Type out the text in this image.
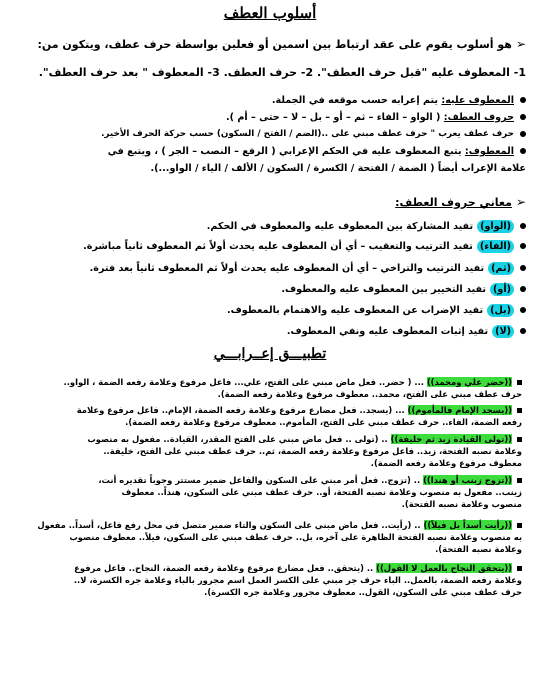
أسلوب العطف
➢هو أسلوب يقوم على عقد ارتباط بين اسمين أو فعلين بواسطة حرف عطف، ويتكون من:
1- المعطوف عليه "قبل حرف العطف". 2- حرف العطف. 3- المعطوف " بعد حرف العطف".
المعطوف عليه: يتم إعرابه حسب موقعه في الجملة.
حروف العطف: ( الواو – الفاء – ثم – أو – بل – لا – حتى – أم ).
حرف عطف يعرب " حرف عطف مبني على ..(الضم / الفتح / السكون) حسب حركة الحرف الأخير.
المعطوف: يتبع المعطوف عليه في الحكم الإعرابي ( الرفع – النصب – الجر ) ، ويتبع في
علامة الإعراب أيضاً ( الضمة / الفتحة / الكسرة / السكون / الألف / الياء / الواو...).
➢معاني حروف العطف:
(الواو)تفيد المشاركة بين المعطوف عليه والمعطوف في الحكم.
(الفاء)تفيد الترتيب والتعقيب – أي أن المعطوف عليه يحدث أولاً ثم المعطوف ثانياً مباشرة.
(ثم)تفيد الترتيب والتراخي – أي أن المعطوف عليه يحدث أولاً ثم المعطوف ثانياً بعد فترة.
(أو)تفيد التخيير بين المعطوف عليه والمعطوف.
(بل)تفيد الإضراب عن المعطوف عليه والاهتمام بالمعطوف.
(لا)تفيد إثبات المعطوف عليه ونفي المعطوف.
تطبيـــق إعــرابـــي
((حضر علي ومحمد)) ... ( حضر.. فعل ماض مبني على الفتح، علي... فاعل مرفوع وعلامة رفعه الضمة ، الواو..
حرف عطف مبني على الفتح، محمد.. معطوف مرفوع وعلامة رفعه الضمة).
((يسجد الإمام فالمأموم)) ... (يسجد.. فعل مضارع مرفوع وعلامة رفعه الضمة، الإمام.. فاعل مرفوع وعلامة
رفعه الضمة، الفاء.. حرف عطف مبني على الفتح، المأموم.. معطوف مرفوع وعلامة رفعه الضمة).
((تولى القيادة زيد ثم خليفة)) .. (تولى .. فعل ماض مبني على الفتح المقدر، القيادة.. مفعول به منصوب
وعلامة نصبه الفتحة، زيد.. فاعل مرفوع وعلامة رفعه الضمة، ثم.. حرف عطف مبني على الفتح، خليفة..
معطوف مرفوع وعلامة رفعه الضمة).
((تزوج زينب أو هندا)) .. (تزوج.. فعل أمر مبني على السكون والفاعل ضمير مستتر وجوباً تقديره أنت،
زينب.. مفعول به منصوب وعلامة نصبه الفتحة، أو.. حرف عطف مبني على السكون، هنداً.. معطوف
منصوب وعلامة نصبه الفتحة).
((رأيت أسداً بل فيلاً)) .. (رأيت.. فعل ماض مبني على السكون والتاء ضمير متصل في محل رفع فاعل، أسداً.. مفعول
به منصوب وعلامة نصبه الفتحة الظاهرة على آخره، بل.. حرف عطف مبني على السكون، فيلاً.. معطوف منصوب
وعلامة نصبه الفتحة).
((يتحقق النجاح بالعمل لا القول)) .. (يتحقق.. فعل مضارع مرفوع وعلامة رفعه الضمة، النجاح.. فاعل مرفوع
وعلامة رفعه الضمة، بالعمل.. الباء حرف جر مبني على الكسر العمل اسم مجرور بالباء وعلامة جره الكسرة، لا..
حرف عطف مبني على السكون، القول.. معطوف مجرور وعلامة جره الكسرة).
